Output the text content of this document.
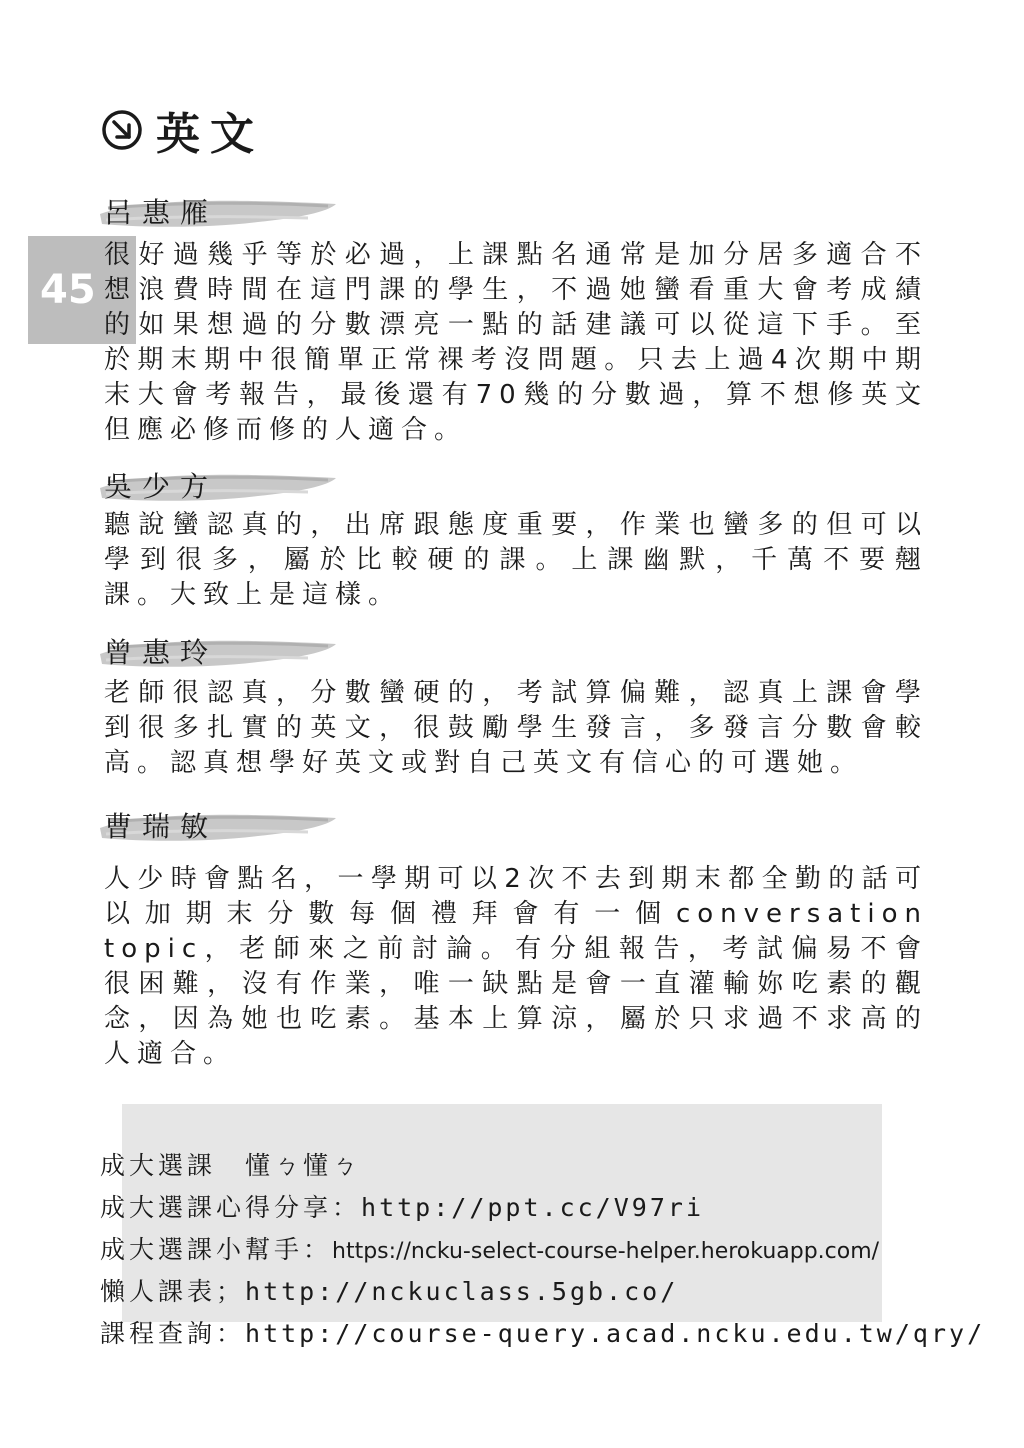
45
英文
呂惠雁

很好過幾乎等於必過，上課點名通常是加分居多適合不想浪費時間在這門課的學生，不過她蠻看重大會考成績的如果想過的分數漂亮一點的話建議可以從這下手。至於期末期中很簡單正常裸考沒問題。只去上過4次期中期末大會考報告，最後還有70幾的分數過，算不想修英文但應必修而修的人適合。

吳少方

聽說蠻認真的，出席跟態度重要，作業也蠻多的但可以學到很多，屬於比較硬的課。上課幽默，千萬不要翹課。大致上是這樣。

曾惠玲

老師很認真，分數蠻硬的，考試算偏難，認真上課會學到很多扎實的英文，很鼓勵學生發言，多發言分數會較高。認真想學好英文或對自己英文有信心的可選她。

曹瑞敏

人少時會點名，一學期可以2次不去到期末都全勤的話可以加期末分數每個禮拜會有一個conversation topic，老師來之前討論。有分組報告，考試偏易不會很困難，沒有作業，唯一缺點是會一直灌輸妳吃素的觀念，因為她也吃素。基本上算涼，屬於只求過不求高的人適合。

成大選課　懂ㄅ懂ㄅ
成大選課心得分享：http://ppt.cc/V97ri
成大選課小幫手：https://ncku-select-course-helper.herokuapp.com/
懶人課表；http://nckuclass.5gb.co/
課程查詢：http://course-query.acad.ncku.edu.tw/qry/
